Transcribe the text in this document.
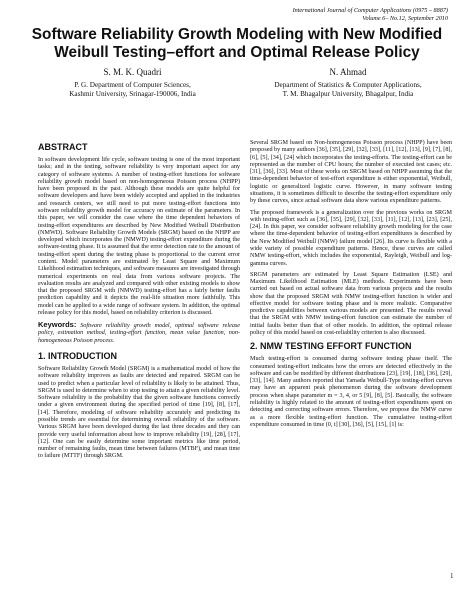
International Journal of Computer Applications (0975 – 8887)
Volume 6– No.12, September 2010
Software Reliability Growth Modeling with New Modified
Weibull Testing–effort and Optimal Release Policy
S. M. K. Quadri
P. G. Department of Computer Sciences,
Kashmir University, Srinagar-190006, India
N. Ahmad
Department of Statistics & Computer Applications,
T. M. Bhagalpur University, Bhagalpur, India
ABSTRACT

In software development life cycle, software testing is one of the most important tasks; and in the testing, software reliability is very important aspect for any category of software systems. A number of testing-effort functions for software reliability growth model based on non-homogeneous Poisson process (NHPP) have been proposed in the past. Although these models are quite helpful for software developers and have been widely accepted and applied in the industries and research centers, we still need to put more testing-effort functions into software reliability growth model for accuracy on estimate of the parameters. In this paper, we will consider the case where the time dependent behaviors of testing-effort expenditures are described by New Modified Weibull Distribution (NMWD). Software Reliability Growth Models (SRGM) based on the NHPP are developed which incorporates the (NMWD) testing-effort expenditure during the software-testing phase. It is assumed that the error detection rate to the amount of testing-effort spent during the testing phase is proportional to the current error content. Model parameters are estimated by Least Square and Maximum Likelihood estimation techniques, and software measures are investigated through numerical experiments on real data from various software projects. The evaluation results are analyzed and compared with other existing models to show that the proposed SRGM with (NMWD) testing-effort has a fairly better faults prediction capability and it depicts the real-life situation more faithfully. This model can be applied to a wide range of software system. In addition, the optimal release policy for this model, based on reliability criterion is discussed.

Keywords: Software reliability growth model, optimal software release policy, estimation method, testing-effort function, mean value function, non-homogeneous Poisson process.
1. INTRODUCTION

Software Reliability Growth Model (SRGM) is a mathematical model of how the software reliability improves as faults are detected and repaired. SRGM can be used to predict when a particular level of reliability is likely to be attained. Thus, SRGM is used to determine when to stop testing to attain a given reliability level. Software reliability is the probability that the given software functions correctly under a given environment during the specified period of time [19], [8], [17], [14]. Therefore, modeling of software reliability accurately and predicting its possible trends are essential for determining overall reliability of the software. Various SRGM have been developed during the last three decades and they can provide very useful information about how to improve reliability [19], [28], [17], [12]. One can be easily determine some important metrics like time period, number of remaining faults, mean time between failures (MTBF), and mean time to failure (MTTF) through SRGM.

Several SRGM based on Non-homogeneous Poisson process (NHPP) have been proposed by many authors [36], [35], [29], [32], [33], [11], [12], [13], [9], [7], [8], [6], [5], [34], [24] which incorporates the testing-efforts. The testing-effort can be represented as the number of CPU hours; the number of executed test cases; etc. [31], [36], [33]. Most of these works on SRGM based on NHPP assuming that the time-dependent behavior of test-effort expenditure is either exponential, Weibull, logistic or generalized logistic curve. However, in many software testing situations, it is sometimes difficult to describe the testing-effort expenditure only by these curves, since actual software data show various expenditure patterns.

The proposed framework is a generalization over the previous works on SRGM with testing-effort such as [36], [35], [29], [32], [33], [11], [12], [13], [23], [25], [24]. In this paper, we consider software reliability growth modeling for the case where the time-dependent behavior of testing-effort expenditures is described by the New Modified Weibull (NMW) failure model [26]. Its curve is flexible with a wide variety of possible expenditure patterns. Hence, these curves are called NMW testing-effort, which includes the exponential, Rayleigh, Weibull and log-gamma curves.

SRGM parameters are estimated by Least Square Estimation (LSE) and Maximum Likelihood Estimation (MLE) methods. Experiments have been carried out based on actual software data from various projects and the results show that the proposed SRGM with NMW testing-effort function is wider and effective model for software testing phase and is more realistic. Comparative predictive capabilities between various models are presented. The results reveal that the SRGM with NMW testing-effort function can estimate the number of initial faults better than that of other models. In addition, the optimal release policy of this model based on cost-reliability criterion is also discussed.

2. NMW TESTING EFFORT FUNCTION

Much testing-effort is consumed during software testing phase itself. The consumed testing-effort indicates how the errors are detected effectively in the software and can be modified by different distributions [23], [19], [18], [36], [29], [33], [14]. Many authors reported that Yamada Weibull-Type testing-effort curves may have an apparent peak phenomenon during the software development process when shape parameter m = 3, 4, or 5 [9], [8], [5]. Basically, the software reliability is highly related to the amount of testing-effort expenditures spent on detecting and correcting software errors. Therefore, we propose the NMW curve as a more flexible testing-effort function. The cumulative testing-effort expenditure consumed in time (0, t] [30], [36], [5], [15], [1] is:

1
